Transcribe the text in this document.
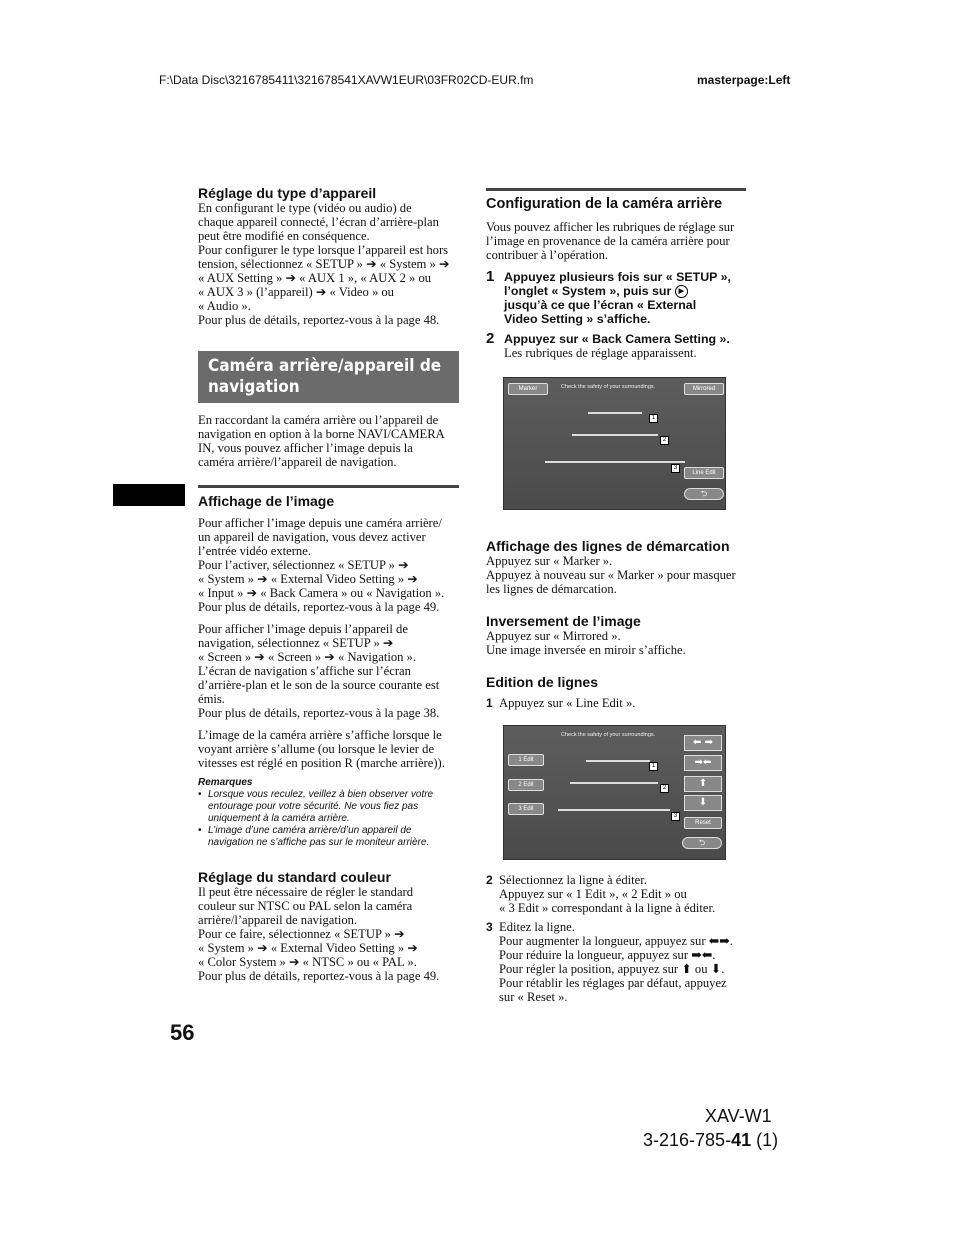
F:\Data Disc\3216785411\321678541XAVW1EUR\03FR02CD-EUR.fm	masterpage:Left
Réglage du type d’appareil

En configurant le type (vidéo ou audio) de

chaque appareil connecté, l’écran d’arrière-plan

peut être modifié en conséquence.

Pour configurer le type lorsque l’appareil est hors

tension, sélectionnez « SETUP » ➔ « System » ➔

« AUX Setting » ➔ « AUX 1 », « AUX 2 » ou

« AUX 3 » (l’appareil) ➔ « Video » ou

« Audio ».

Pour plus de détails, reportez-vous à la page 48.

Caméra arrière/appareil de
navigation

En raccordant la caméra arrière ou l’appareil de

navigation en option à la borne NAVI/CAMERA

IN, vous pouvez afficher l’image depuis la

caméra arrière/l’appareil de navigation.

Affichage de l’image

Pour afficher l’image depuis une caméra arrière/

un appareil de navigation, vous devez activer

l’entrée vidéo externe.

Pour l’activer, sélectionnez « SETUP » ➔

« System » ➔ « External Video Setting » ➔

« Input » ➔ « Back Camera » ou « Navigation ».

Pour plus de détails, reportez-vous à la page 49.

Pour afficher l’image depuis l’appareil de

navigation, sélectionnez « SETUP » ➔

« Screen » ➔ « Screen » ➔ « Navigation ».

L’écran de navigation s’affiche sur l’écran

d’arrière-plan et le son de la source courante est

émis.

Pour plus de détails, reportez-vous à la page 38.

L’image de la caméra arrière s’affiche lorsque le

voyant arrière s’allume (ou lorsque le levier de

vitesses est réglé en position R (marche arrière)).

Remarques
• Lorsque vous reculez, veillez à bien observer votre
entourage pour votre sécurité. Ne vous fiez pas
uniquement à la caméra arrière.
• L’image d’une caméra arrière/d’un appareil de
navigation ne s’affiche pas sur le moniteur arrière.
Réglage du standard couleur

Il peut être nécessaire de régler le standard

couleur sur NTSC ou PAL selon la caméra

arrière/l’appareil de navigation.

Pour ce faire, sélectionnez « SETUP » ➔

« System » ➔ « External Video Setting » ➔

« Color System » ➔ « NTSC » ou « PAL ».

Pour plus de détails, reportez-vous à la page 49.

Configuration de la caméra arrière

Vous pouvez afficher les rubriques de réglage sur

l’image en provenance de la caméra arrière pour

contribuer à l’opération.

1 Appuyez plusieurs fois sur « SETUP »,
l’onglet « System », puis sur ▶
jusqu’à ce que l’écran « External
Video Setting » s’affiche.
2 Appuyez sur « Back Camera Setting ».
Les rubriques de réglage apparaissent.
Marker	Check the safety of your surroundings.	Mirrored
1
2
3
Line Edit
⮌
Affichage des lignes de démarcation

Appuyez sur « Marker ».

Appuyez à nouveau sur « Marker » pour masquer

les lignes de démarcation.

Inversement de l’image

Appuyez sur « Mirrored ».

Une image inversée en miroir s’affiche.

Edition de lignes
1 Appuyez sur « Line Edit ».
Check the safety of your surroundings.
1 Edit
2 Edit
3 Edit
1
2
3
⬅ ➡
➡⬅
⬆
⬇
Reset
⮌
2 Sélectionnez la ligne à éditer.

Appuyez sur « 1 Edit », « 2 Edit » ou

« 3 Edit » correspondant à la ligne à éditer.

3 Editez la ligne.

Pour augmenter la longueur, appuyez sur ⬅➡.

Pour réduire la longueur, appuyez sur ➡⬅.

Pour régler la position, appuyez sur ⬆ ou ⬇.

Pour rétablir les réglages par défaut, appuyez

sur « Reset ».

56
XAV-W1
3-216-785-41 (1)
